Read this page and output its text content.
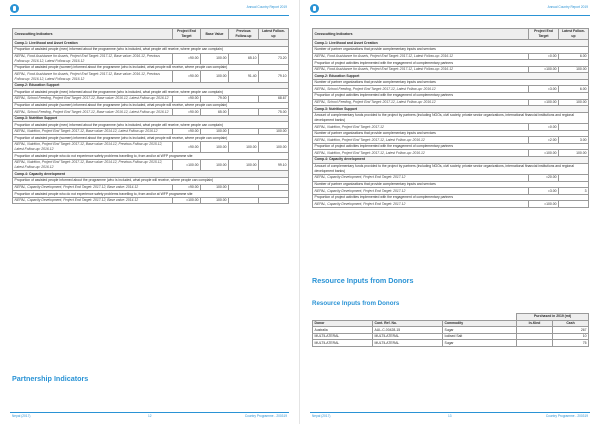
Annual Country Report 2019
Crosscutting Indicators	Project End Target	Base Value	Previous Follow-up	Latest Follow-up
Comp.1: Livelihood and Asset Creation				
Proportion of assisted people (men) informed about the programme (who is included, what people will receive, where people can complain)				
NEPAL, Food Assistance for Assets, Project End Target: 2017.12, Base value: 2016.12, Previous Follow-up: 2016.12, Latest Follow-up: 2016.12	=90.00	100.00	65.10	73.20
Proportion of assisted people (women) informed about the programme (who is included, what people will receive, where people can complain)				
NEPAL, Food Assistance for Assets, Project End Target: 2017.12, Base value: 2016.12, Previous Follow-up: 2016.12, Latest Follow-up: 2016.12	=90.00	100.00	91.40	79.10
Comp.2: Education Support				
Proportion of assisted people (men) informed about the programme (who is included, what people will receive, where people can complain)				
NEPAL, School Feeding, Project End Target: 2017.12, Base value: 2016.12, Latest Follow-up: 2016.12	=90.00	79.00		68.67
Proportion of assisted people (women) informed about the programme (who is included, what people will receive, where people can complain)				
NEPAL, School Feeding, Project End Target: 2017.12, Base value: 2016.12, Latest Follow-up: 2016.12	=90.00	65.00		75.00
Comp.3: Nutrition Support				
Proportion of assisted people (men) informed about the programme (who is included, what people will receive, where people can complain)				
NEPAL, Nutrition, Project End Target: 2017.12, Base value: 2014.12, Latest Follow-up: 2016.12	=90.00	100.00		100.00
Proportion of assisted people (women) informed about the programme (who is included, what people will receive, where people can complain)				
NEPAL, Nutrition, Project End Target: 2017.12, Base value: 2014.12, Previous Follow-up: 2015.12, Latest Follow-up: 2016.12	=90.00	100.00	100.00	100.00
Proportion of assisted people who do not experience safety problems travelling to, from and/or at WFP programme site				
NEPAL, Nutrition, Project End Target: 2017.12, Base value: 2014.12, Previous Follow-up: 2015.12, Latest Follow-up: 2016.12	=100.00	100.00	100.00	99.10
Comp.4: Capacity development				
Proportion of assisted people informed about the programme (who is included, what people will receive, where people can complain)				
NEPAL, Capacity Development, Project End Target: 2017.12, Base value: 2014.12	=90.00	100.00		
Proportion of assisted people who do not experience safety problems travelling to, from and/or at WFP programme site				
NEPAL, Capacity Development, Project End Target: 2017.12, Base value: 2014.12	=100.00	100.00		
Partnership Indicators
Nepal (2017)	12	Country Programme - 200319
Annual Country Report 2019
Crosscutting Indicators	Project End Target	Latest Follow-up
Comp.1: Livelihood and Asset Creation		
Number of partner organizations that provide complementary inputs and services		
NEPAL, Food Assistance for Assets, Project End Target: 2017.12, Latest Follow-up: 2016.12	=0.00	6.00
Proportion of project activities implemented with the engagement of complementary partners		
NEPAL, Food Assistance for Assets, Project End Target: 2017.12, Latest Follow-up: 2016.12	=100.00	100.00
Comp.2: Education Support		
Number of partner organizations that provide complementary inputs and services		
NEPAL, School Feeding, Project End Target: 2017.12, Latest Follow-up: 2016.12	=3.00	6.00
Proportion of project activities implemented with the engagement of complementary partners		
NEPAL, School Feeding, Project End Target: 2017.12, Latest Follow-up: 2016.12	=100.00	100.00
Comp.3: Nutrition Support		
Amount of complementary funds provided to the project by partners (including NGOs, civil society, private sector organizations, international financial institutions and regional development banks)		
NEPAL, Nutrition, Project End Target: 2017.12	=0.00	
Number of partner organizations that provide complementary inputs and services		
NEPAL, Nutrition, Project End Target: 2017.12, Latest Follow-up: 2016.12	=2.00	3.00
Proportion of project activities implemented with the engagement of complementary partners		
NEPAL, Nutrition, Project End Target: 2017.12, Latest Follow-up: 2016.12	=100.00	100.00
Comp.4: Capacity development		
Amount of complementary funds provided to the project by partners (including NGOs, civil society, private sector organizations, international financial institutions and regional development banks)		
NEPAL, Capacity Development, Project End Target: 2017.12	=20.00	
Number of partner organizations that provide complementary inputs and services		
NEPAL, Capacity Development, Project End Target: 2017.12	=3.00	3
Proportion of project activities implemented with the engagement of complementary partners		
NEPAL, Capacity Development, Project End Target: 2017.12	=100.00	
Resource Inputs from Donors
Resource Inputs from Donors
			Purchased in 2019 (mt)	
Donor	Cont. Ref. No.	Commodity	In-Kind	Cash
Australia	AUL-C-00428-15	Sugar		267
MULTILATERAL	MULTILATERAL	Iodised Salt		10
MULTILATERAL	MULTILATERAL	Sugar		75
Nepal (2017)	13	Country Programme - 200319
